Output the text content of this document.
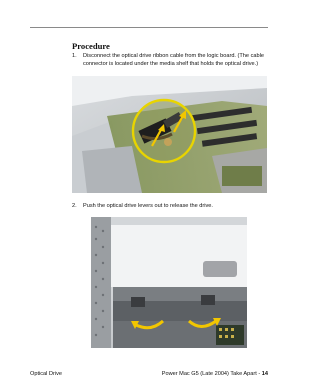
Procedure
1. Disconnect the optical drive ribbon cable from the logic board. (The cable connector is located under the media shelf that holds the optical drive.)
2. Push the optical drive levers out to release the drive.
Optical Drive	Power Mac G5 (Late 2004) Take Apart - 14
